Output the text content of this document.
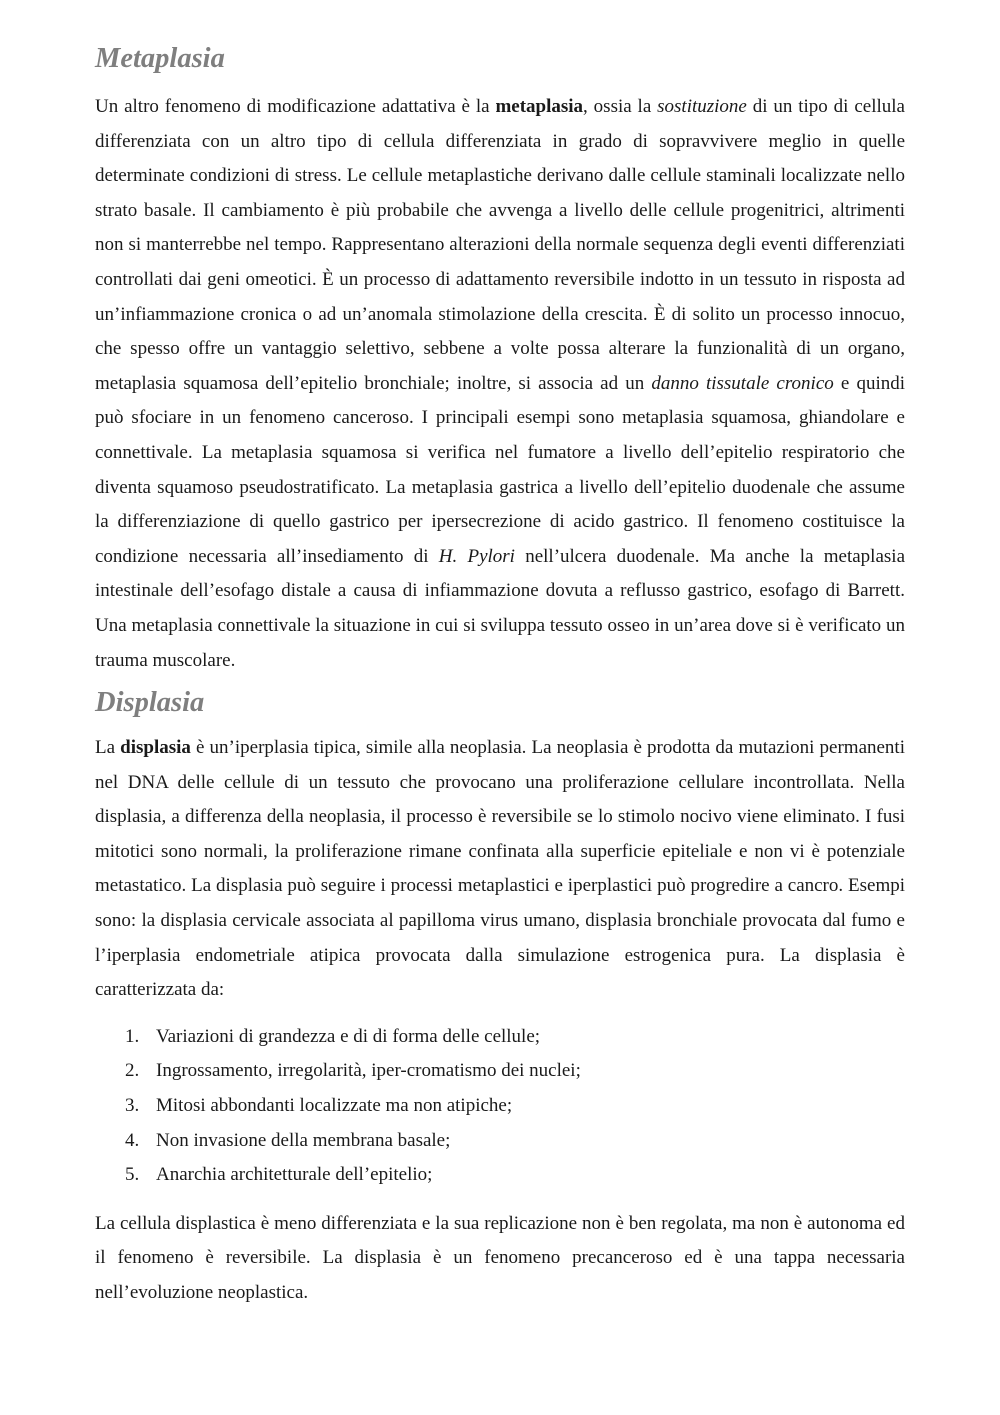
Metaplasia

Un altro fenomeno di modificazione adattativa è la metaplasia, ossia la sostituzione di un tipo di cellula differenziata con un altro tipo di cellula differenziata in grado di sopravvivere meglio in quelle determinate condizioni di stress. Le cellule metaplastiche derivano dalle cellule staminali localizzate nello strato basale. Il cambiamento è più probabile che avvenga a livello delle cellule progenitrici, altrimenti non si manterrebbe nel tempo. Rappresentano alterazioni della normale sequenza degli eventi differenziati controllati dai geni omeotici. È un processo di adattamento reversibile indotto in un tessuto in risposta ad un’infiammazione cronica o ad un’anomala stimolazione della crescita. È di solito un processo innocuo, che spesso offre un vantaggio selettivo, sebbene a volte possa alterare la funzionalità di un organo, metaplasia squamosa dell’epitelio bronchiale; inoltre, si associa ad un danno tissutale cronico e quindi può sfociare in un fenomeno canceroso. I principali esempi sono metaplasia squamosa, ghiandolare e connettivale. La metaplasia squamosa si verifica nel fumatore a livello dell’epitelio respiratorio che diventa squamoso pseudostratificato. La metaplasia gastrica a livello dell’epitelio duodenale che assume la differenziazione di quello gastrico per ipersecrezione di acido gastrico. Il fenomeno costituisce la condizione necessaria all’insediamento di H. Pylori nell’ulcera duodenale. Ma anche la metaplasia intestinale dell’esofago distale a causa di infiammazione dovuta a reflusso gastrico, esofago di Barrett. Una metaplasia connettivale la situazione in cui si sviluppa tessuto osseo in un’area dove si è verificato un trauma muscolare.

Displasia

La displasia è un’iperplasia tipica, simile alla neoplasia. La neoplasia è prodotta da mutazioni permanenti nel DNA delle cellule di un tessuto che provocano una proliferazione cellulare incontrollata. Nella displasia, a differenza della neoplasia, il processo è reversibile se lo stimolo nocivo viene eliminato. I fusi mitotici sono normali, la proliferazione rimane confinata alla superficie epiteliale e non vi è potenziale metastatico. La displasia può seguire i processi metaplastici e iperplastici può progredire a cancro. Esempi sono: la displasia cervicale associata al papilloma virus umano, displasia bronchiale provocata dal fumo e l’iperplasia endometriale atipica provocata dalla simulazione estrogenica pura. La displasia è caratterizzata da:

1. Variazioni di grandezza e di di forma delle cellule;
2. Ingrossamento, irregolarità, iper-cromatismo dei nuclei;
3. Mitosi abbondanti localizzate ma non atipiche;
4. Non invasione della membrana basale;
5. Anarchia architetturale dell’epitelio;

La cellula displastica è meno differenziata e la sua replicazione non è ben regolata, ma non è autonoma ed il fenomeno è reversibile. La displasia è un fenomeno precanceroso ed è una tappa necessaria nell’evoluzione neoplastica.
